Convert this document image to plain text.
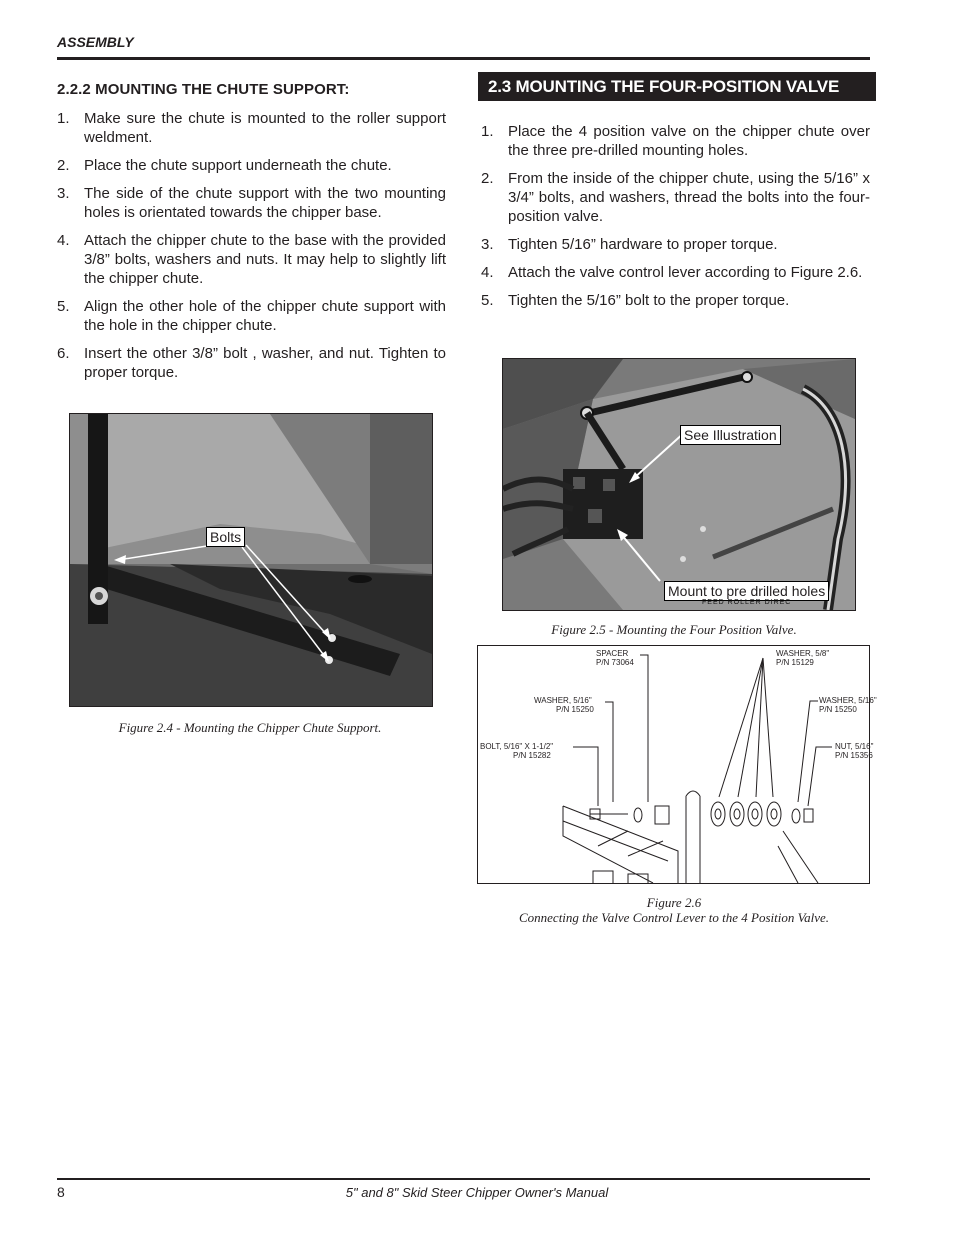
ASSEMBLY
2.2.2 MOUNTING THE CHUTE SUPPORT:
1. Make sure the chute is mounted to the roller support weldment.
2. Place the chute support underneath the chute.
3. The side of the chute support with the two mounting holes is orientated towards the chipper base.
4. Attach the chipper chute to the base with the provided 3/8” bolts, washers and nuts. It may help to slightly lift the chipper chute.
5. Align the other hole of the chipper chute support with the hole in the chipper chute.
6. Insert the other 3/8” bolt , washer, and nut. Tighten to proper torque.
Bolts
Figure 2.4 - Mounting the Chipper Chute Support.
2.3 MOUNTING THE FOUR-POSITION VALVE
1. Place the 4 position valve on the chipper chute over the three pre-drilled mounting holes.
2. From the inside of the chipper chute, using the 5/16” x 3/4” bolts, and washers, thread the bolts into the four-position valve.
3. Tighten 5/16” hardware to proper torque.
4. Attach the valve control lever according to Figure 2.6.
5. Tighten the 5/16” bolt to the proper torque.
See Illustration
Mount to pre drilled holes
FEED ROLLER DIREC
Figure 2.5 - Mounting the Four Position Valve.
SPACER
P/N 73064
WASHER, 5/16"
P/N 15250
BOLT, 5/16" X 1-1/2"
P/N 15282
WASHER, 5/8"
P/N 15129
WASHER, 5/16"
P/N 15250
NUT, 5/16"
P/N 15356
Figure 2.6
Connecting the Valve Control Lever to the 4 Position Valve.
8	5" and 8" Skid Steer Chipper Owner's Manual
